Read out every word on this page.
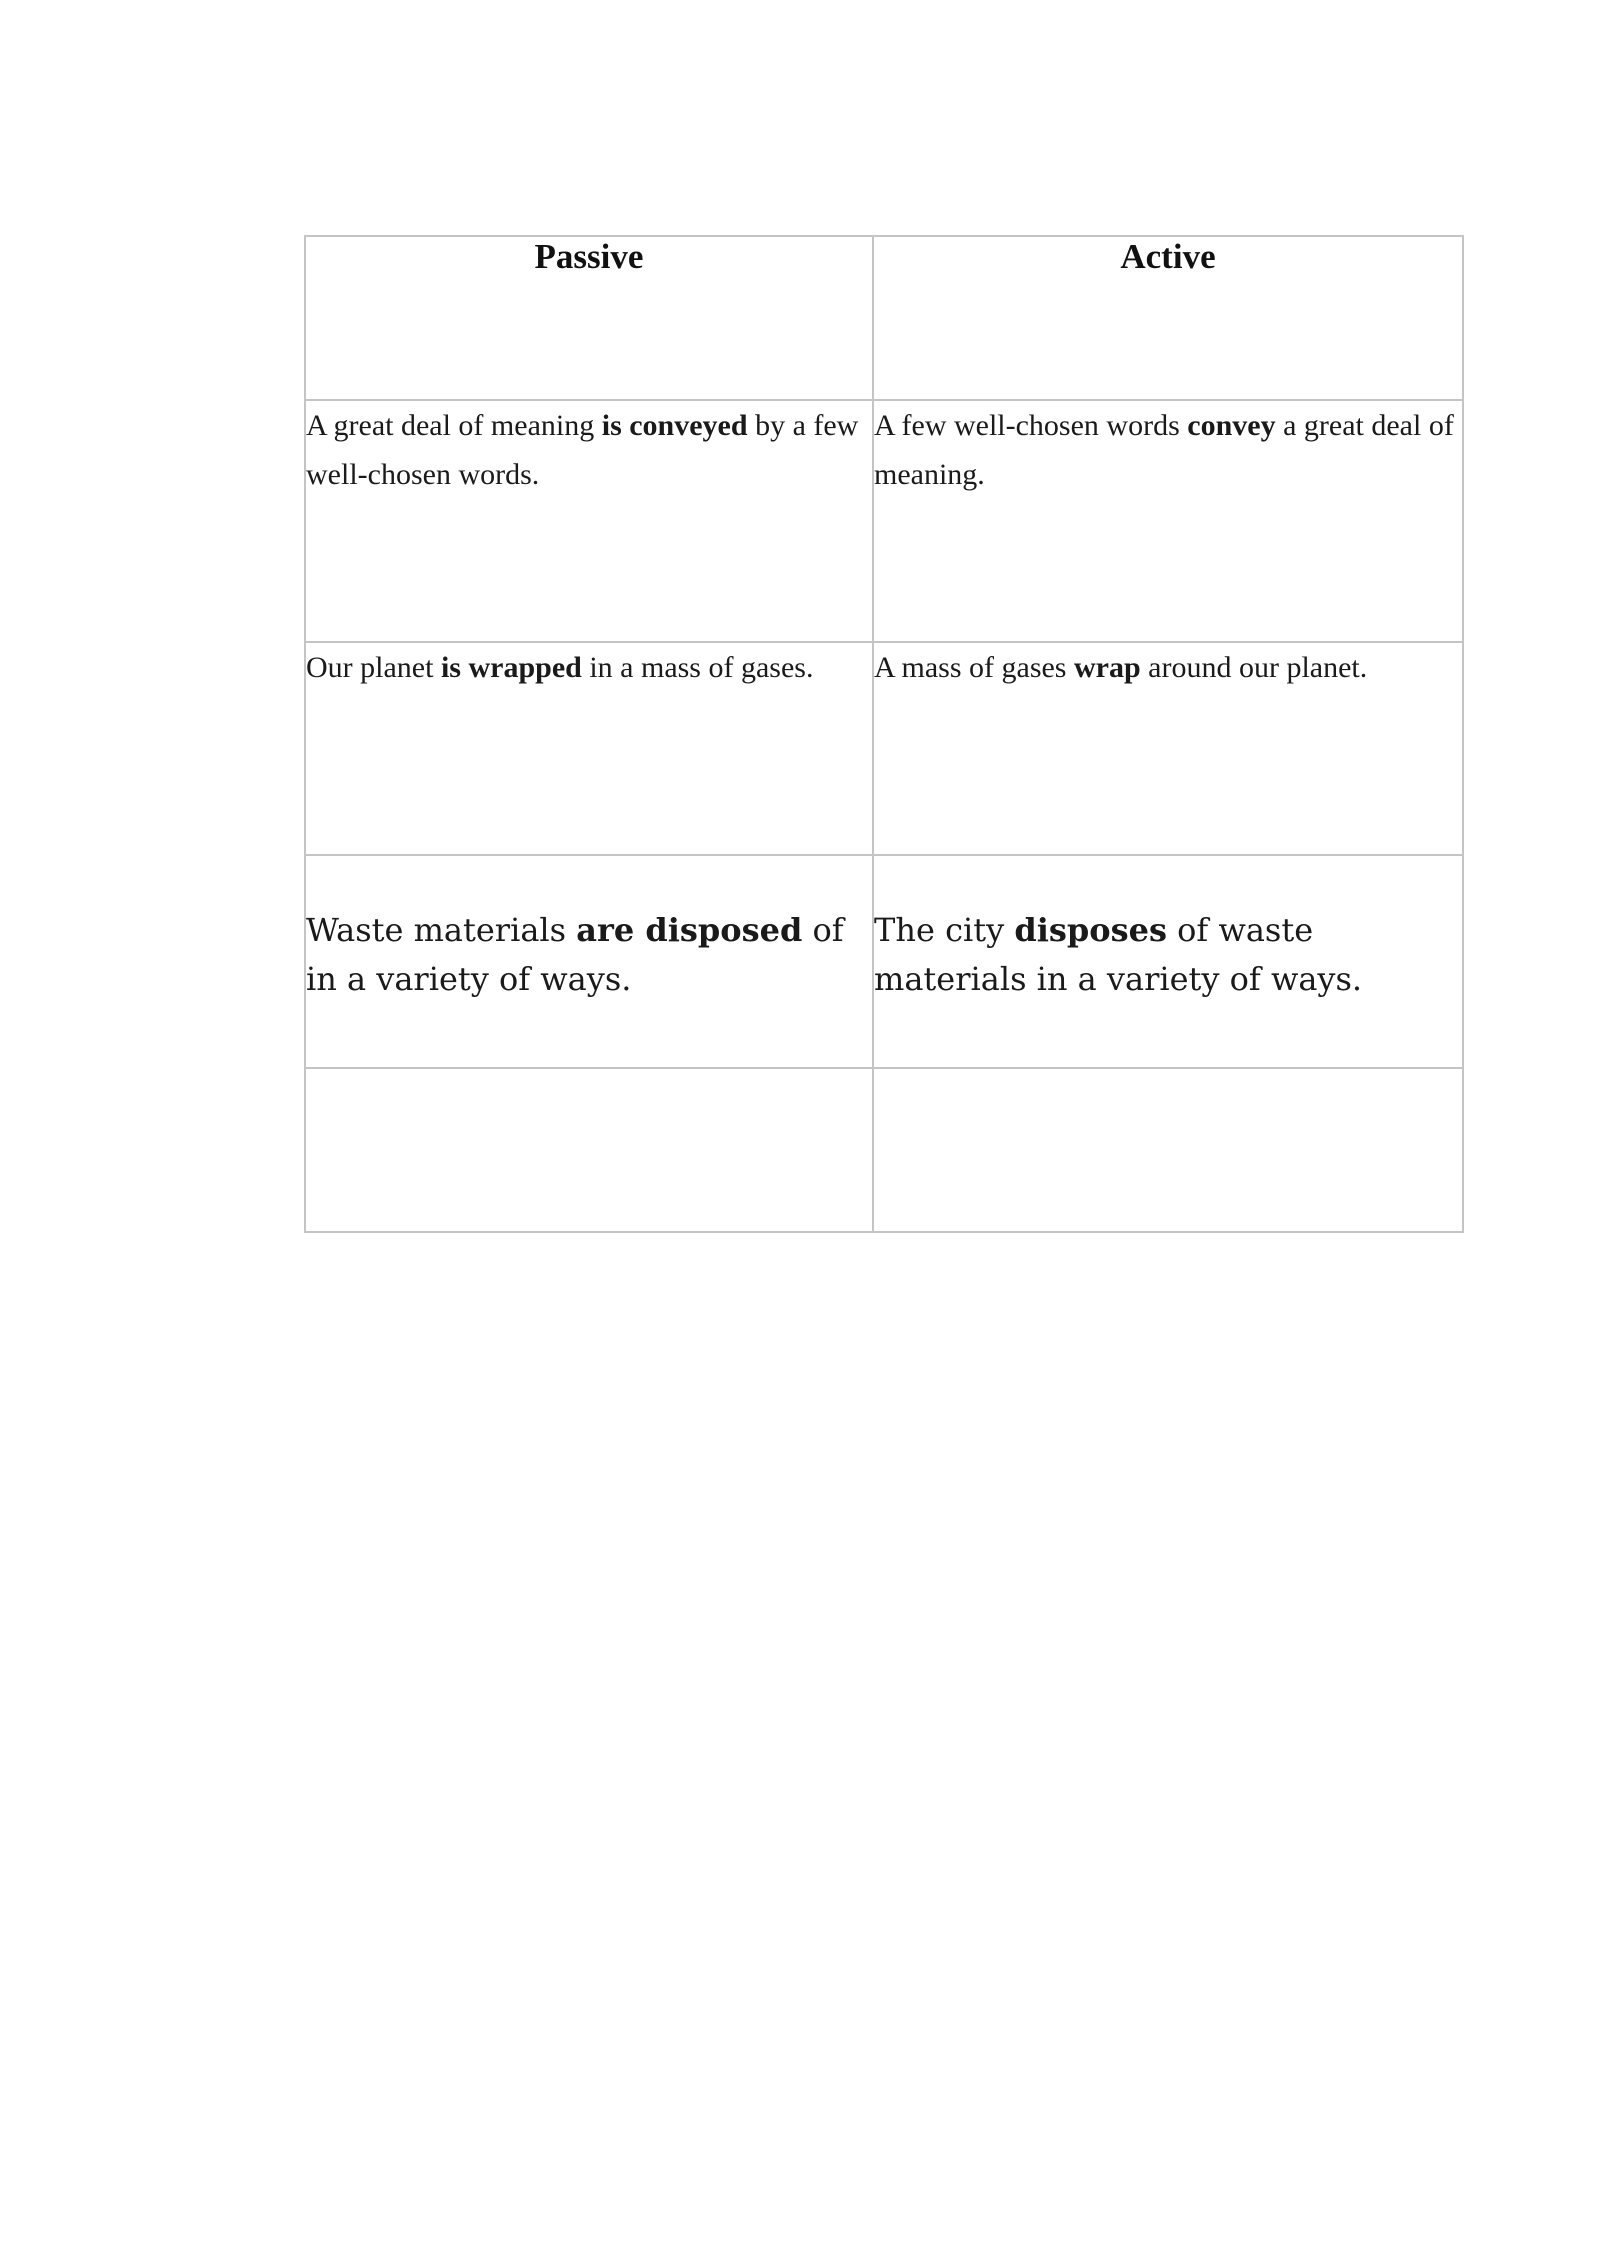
Passive	Active
A great deal of meaning is conveyed by a few well-chosen words.	A few well-chosen words convey a great deal of meaning.
Our planet is wrapped in a mass of gases.	A mass of gases wrap around our planet.
Waste materials are disposed of in a variety of ways.	The city disposes of waste materials in a variety of ways.
